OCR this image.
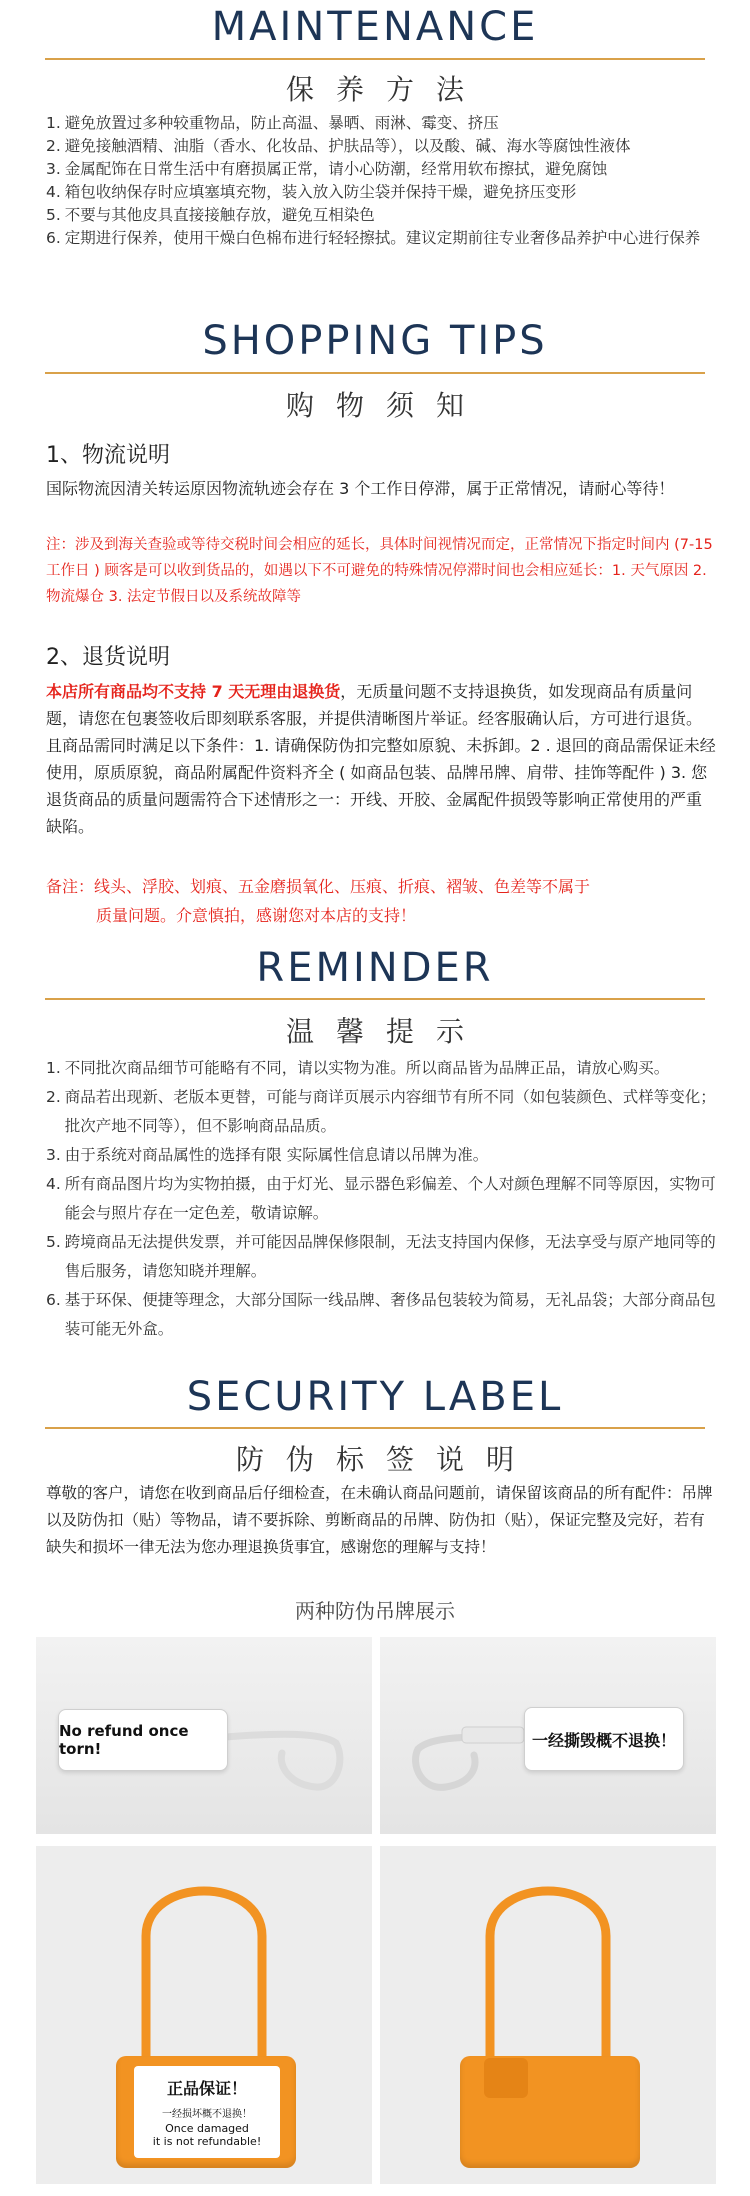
MAINTENANCE
保养方法
1. 避免放置过多种较重物品，防止高温、暴晒、雨淋、霉变、挤压
2. 避免接触酒精、油脂（香水、化妆品、护肤品等），以及酸、碱、海水等腐蚀性液体
3. 金属配饰在日常生活中有磨损属正常，请小心防潮，经常用软布擦拭，避免腐蚀
4. 箱包收纳保存时应填塞填充物，装入放入防尘袋并保持干燥，避免挤压变形
5. 不要与其他皮具直接接触存放，避免互相染色
6. 定期进行保养，使用干燥白色棉布进行轻轻擦拭。建议定期前往专业奢侈品养护中心进行保养
SHOPPING TIPS
购物须知
1、物流说明
国际物流因清关转运原因物流轨迹会存在 3 个工作日停滞，属于正常情况，请耐心等待！
注：涉及到海关查验或等待交税时间会相应的延长，具体时间视情况而定，正常情况下指定时间内 (7-15 工作日 ) 顾客是可以收到货品的，如遇以下不可避免的特殊情况停滞时间也会相应延长：1. 天气原因 2. 物流爆仓 3. 法定节假日以及系统故障等
2、退货说明
本店所有商品均不支持 7 天无理由退换货，无质量问题不支持退换货，如发现商品有质量问题，请您在包裹签收后即刻联系客服，并提供清晰图片举证。经客服确认后，方可进行退货。且商品需同时满足以下条件：1. 请确保防伪扣完整如原貌、未拆卸。2 . 退回的商品需保证未经使用，原质原貌，商品附属配件资料齐全 ( 如商品包装、品牌吊牌、肩带、挂饰等配件 ) 3. 您退货商品的质量问题需符合下述情形之一：开线、开胶、金属配件损毁等影响正常使用的严重缺陷。
备注：线头、浮胶、划痕、五金磨损氧化、压痕、折痕、褶皱、色差等不属于
质量问题。介意慎拍，感谢您对本店的支持！
REMINDER
温馨提示
1. 不同批次商品细节可能略有不同，请以实物为准。所以商品皆为品牌正品，请放心购买。
2. 商品若出现新、老版本更替，可能与商详页展示内容细节有所不同（如包装颜色、式样等变化；批次产地不同等），但不影响商品品质。
3. 由于系统对商品属性的选择有限 实际属性信息请以吊牌为准。
4. 所有商品图片均为实物拍摄，由于灯光、显示器色彩偏差、个人对颜色理解不同等原因，实物可能会与照片存在一定色差，敬请谅解。
5. 跨境商品无法提供发票，并可能因品牌保修限制，无法支持国内保修，无法享受与原产地同等的售后服务，请您知晓并理解。
6. 基于环保、便捷等理念，大部分国际一线品牌、奢侈品包装较为简易，无礼品袋；大部分商品包装可能无外盒。
SECURITY LABEL
防伪标签说明
尊敬的客户，请您在收到商品后仔细检查，在未确认商品问题前，请保留该商品的所有配件：吊牌以及防伪扣（贴）等物品，请不要拆除、剪断商品的吊牌、防伪扣（贴），保证完整及完好，若有缺失和损坏一律无法为您办理退换货事宜，感谢您的理解与支持！
两种防伪吊牌展示
No refund once torn!	一经撕毁概不退换！
正品保证！
一经损坏概不退换！
Once damaged
it is not refundable!
